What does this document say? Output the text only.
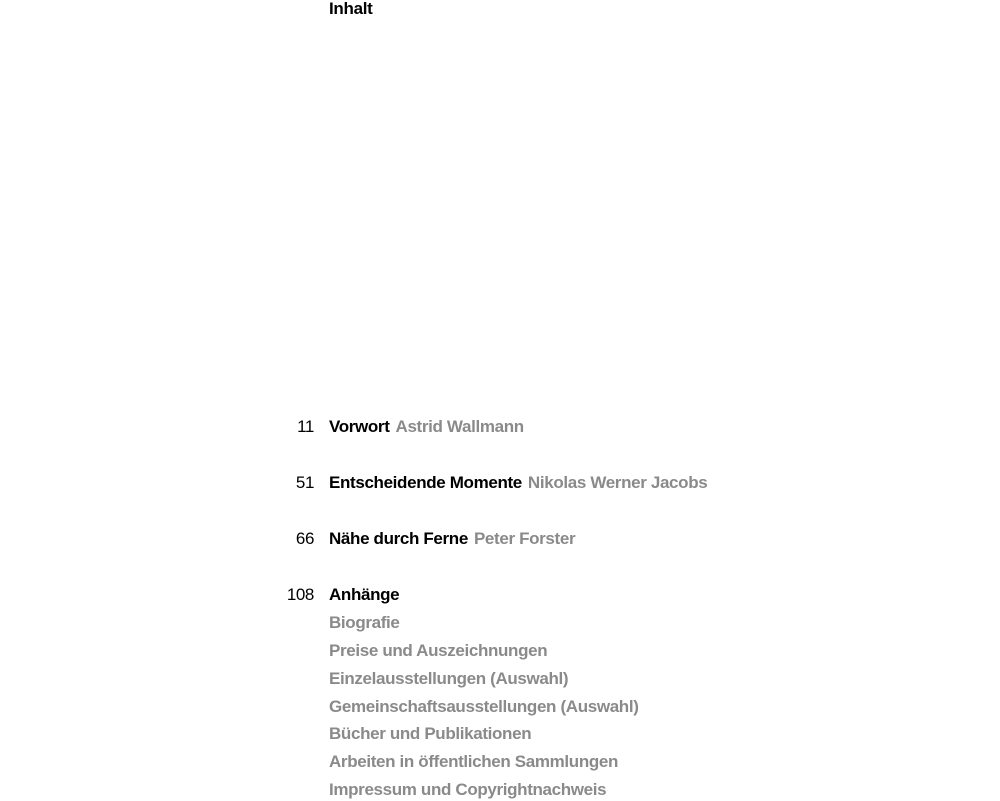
Inhalt
11 Vorwort Astrid Wallmann
51 Entscheidende Momente Nikolas Werner Jacobs
66 Nähe durch Ferne Peter Forster
108 Anhänge
Biografie
Preise und Auszeichnungen
Einzelausstellungen (Auswahl)
Gemeinschaftsausstellungen (Auswahl)
Bücher und Publikationen
Arbeiten in öffentlichen Sammlungen
Impressum und Copyrightnachweis
